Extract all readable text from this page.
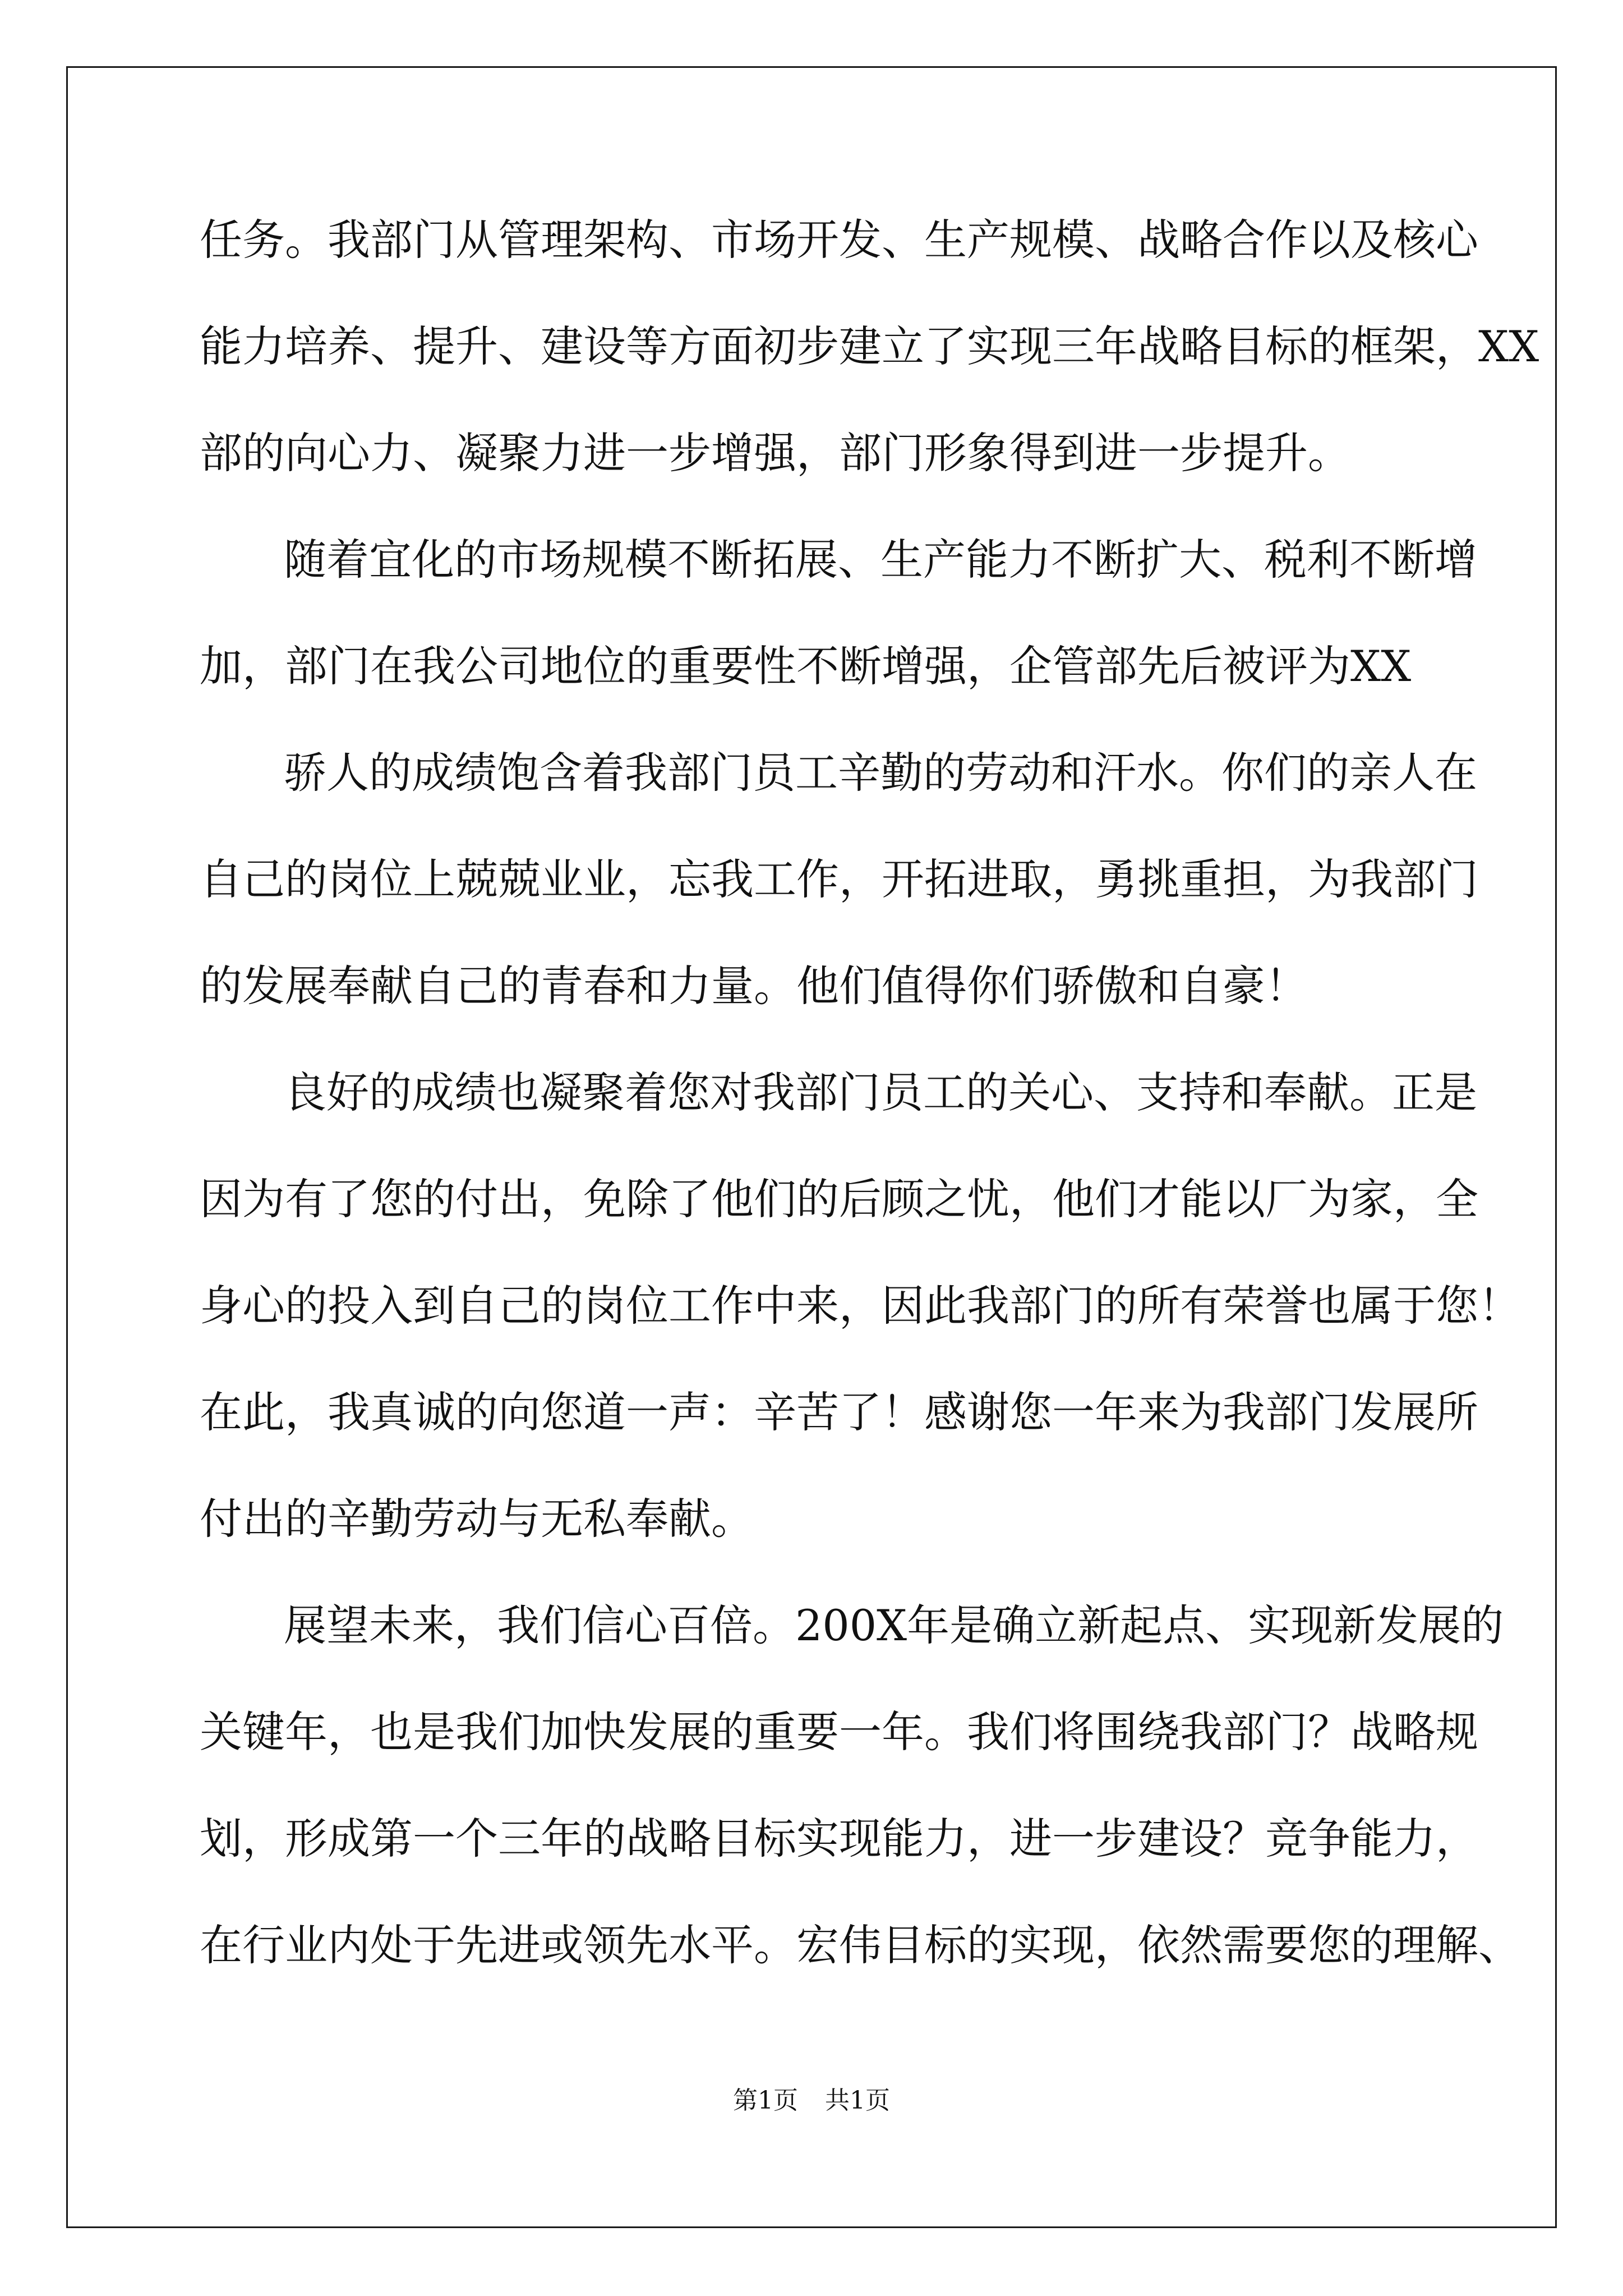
任务。我部门从管理架构、市场开发、生产规模、战略合作以及核心
能力培养、提升、建设等方面初步建立了实现三年战略目标的框架，XX
部的向心力、凝聚力进一步增强，部门形象得到进一步提升。
随着宜化的市场规模不断拓展、生产能力不断扩大、税利不断增
加，部门在我公司地位的重要性不断增强，企管部先后被评为XX
骄人的成绩饱含着我部门员工辛勤的劳动和汗水。你们的亲人在
自己的岗位上兢兢业业，忘我工作，开拓进取，勇挑重担，为我部门
的发展奉献自己的青春和力量。他们值得你们骄傲和自豪！
良好的成绩也凝聚着您对我部门员工的关心、支持和奉献。正是
因为有了您的付出，免除了他们的后顾之忧，他们才能以厂为家，全
身心的投入到自己的岗位工作中来，因此我部门的所有荣誉也属于您！
在此，我真诚的向您道一声：辛苦了！感谢您一年来为我部门发展所
付出的辛勤劳动与无私奉献。
展望未来，我们信心百倍。200X年是确立新起点、实现新发展的
关键年，也是我们加快发展的重要一年。我们将围绕我部门？战略规
划，形成第一个三年的战略目标实现能力，进一步建设？竞争能力，
在行业内处于先进或领先水平。宏伟目标的实现，依然需要您的理解、
第1页 共1页
